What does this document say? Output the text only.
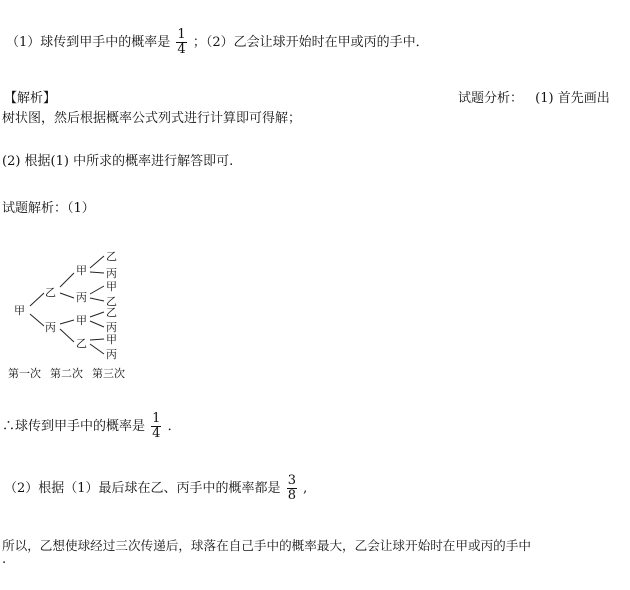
（1）球传到甲手中的概率是 $\frac{1}{4}$ ；（2）乙会让球开始时在甲或丙的手中．
【解析】	试题分析： (1) 首先画出
树状图，然后根据概率公式列式进行计算即可得解；
(2) 根据(1) 中所求的概率进行解答即可.
试题解析：（1）
甲
乙
丙
甲
丙
甲
乙
乙
丙
甲
乙
乙
丙
甲
丙
第一次 第二次 第三次
∴球传到甲手中的概率是 $\frac{1}{4}$ ．
（2）根据（1）最后球在乙、丙手中的概率都是 $\frac{3}{8}$ ,
所以，乙想使球经过三次传递后，球落在自己手中的概率最大，乙会让球开始时在甲或丙的手中
.
